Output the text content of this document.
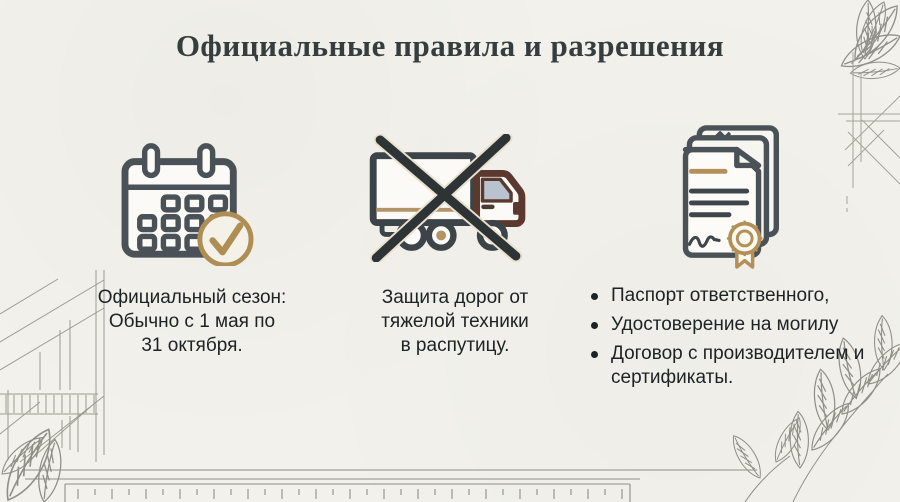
Официальные правила и разрешения
Официальный сезон:
Обычно с 1 мая по
31 октября.
Защита дорог от
тяжелой техники
в распутицу.
Паспорт ответственного,
Удостоверение на могилу
Договор с производителем и сертификаты.
